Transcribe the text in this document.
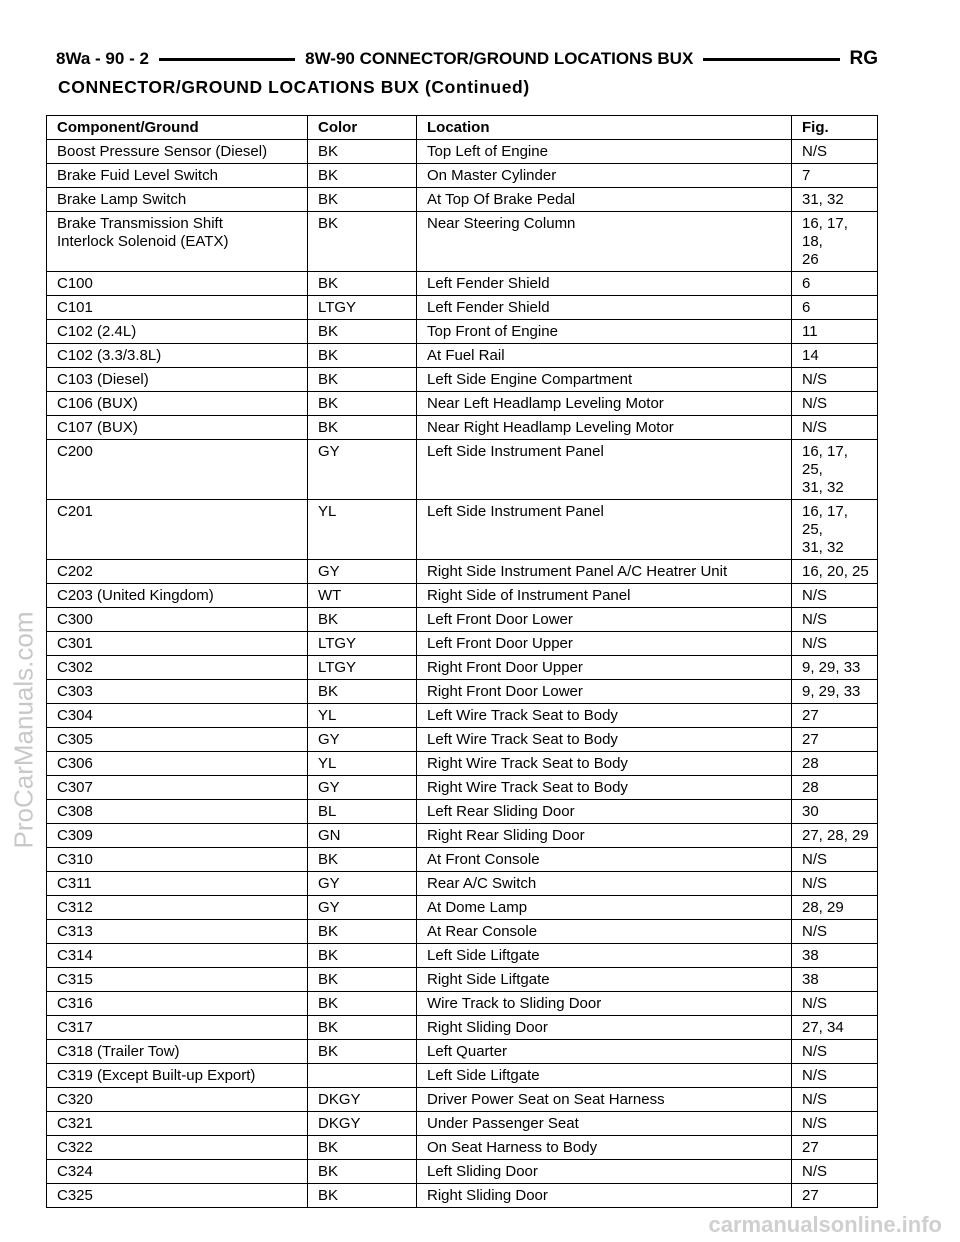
8Wa - 90 - 2	8W-90 CONNECTOR/GROUND LOCATIONS BUX	RG
CONNECTOR/GROUND LOCATIONS BUX (Continued)
Component/Ground	Color	Location	Fig.
Boost Pressure Sensor (Diesel)	BK	Top Left of Engine	N/S
Brake Fuid Level Switch	BK	On Master Cylinder	7
Brake Lamp Switch	BK	At Top Of Brake Pedal	31, 32
Brake Transmission Shift
Interlock Solenoid (EATX)	BK	Near Steering Column	16, 17, 18,
26
C100	BK	Left Fender Shield	6
C101	LTGY	Left Fender Shield	6
C102 (2.4L)	BK	Top Front of Engine	11
C102 (3.3/3.8L)	BK	At Fuel Rail	14
C103 (Diesel)	BK	Left Side Engine Compartment	N/S
C106 (BUX)	BK	Near Left Headlamp Leveling Motor	N/S
C107 (BUX)	BK	Near Right Headlamp Leveling Motor	N/S
C200	GY	Left Side Instrument Panel	16, 17, 25,
31, 32
C201	YL	Left Side Instrument Panel	16, 17, 25,
31, 32
C202	GY	Right Side Instrument Panel A/C Heatrer Unit	16, 20, 25
C203 (United Kingdom)	WT	Right Side of Instrument Panel	N/S
C300	BK	Left Front Door Lower	N/S
C301	LTGY	Left Front Door Upper	N/S
C302	LTGY	Right Front Door Upper	9, 29, 33
C303	BK	Right Front Door Lower	9, 29, 33
C304	YL	Left Wire Track Seat to Body	27
C305	GY	Left Wire Track Seat to Body	27
C306	YL	Right Wire Track Seat to Body	28
C307	GY	Right Wire Track Seat to Body	28
C308	BL	Left Rear Sliding Door	30
C309	GN	Right Rear Sliding Door	27, 28, 29
C310	BK	At Front Console	N/S
C311	GY	Rear A/C Switch	N/S
C312	GY	At Dome Lamp	28, 29
C313	BK	At Rear Console	N/S
C314	BK	Left Side Liftgate	38
C315	BK	Right Side Liftgate	38
C316	BK	Wire Track to Sliding Door	N/S
C317	BK	Right Sliding Door	27, 34
C318 (Trailer Tow)	BK	Left Quarter	N/S
C319 (Except Built-up Export)		Left Side Liftgate	N/S
C320	DKGY	Driver Power Seat on Seat Harness	N/S
C321	DKGY	Under Passenger Seat	N/S
C322	BK	On Seat Harness to Body	27
C324	BK	Left Sliding Door	N/S
C325	BK	Right Sliding Door	27
ProCarManuals.com
carmanualsonline.info
